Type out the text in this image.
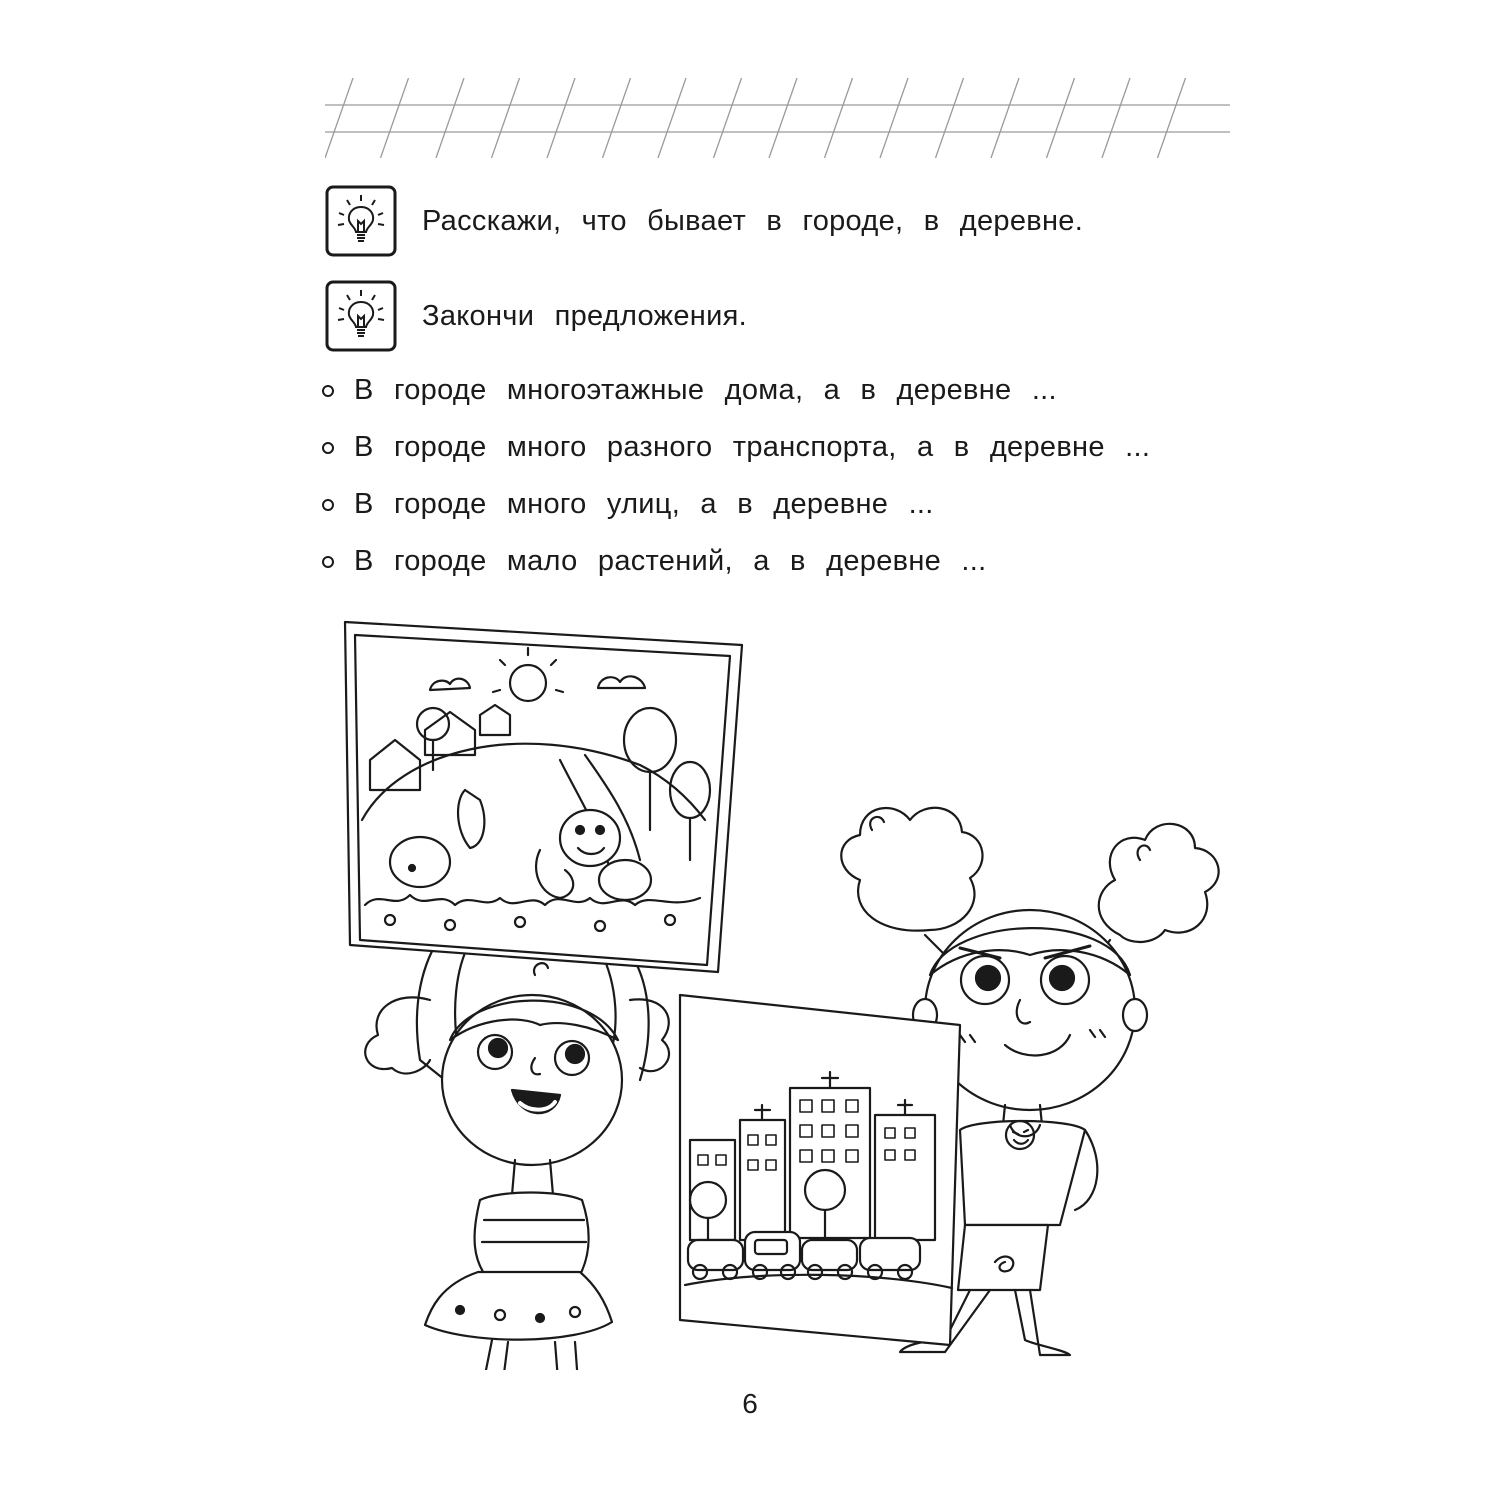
Расскажи, что бывает в городе, в деревне.
Закончи предложения.
В городе многоэтажные дома, а в деревне ...
В городе много разного транспорта, а в деревне ...
В городе много улиц, а в деревне ...
В городе мало растений, а в деревне ...
6
